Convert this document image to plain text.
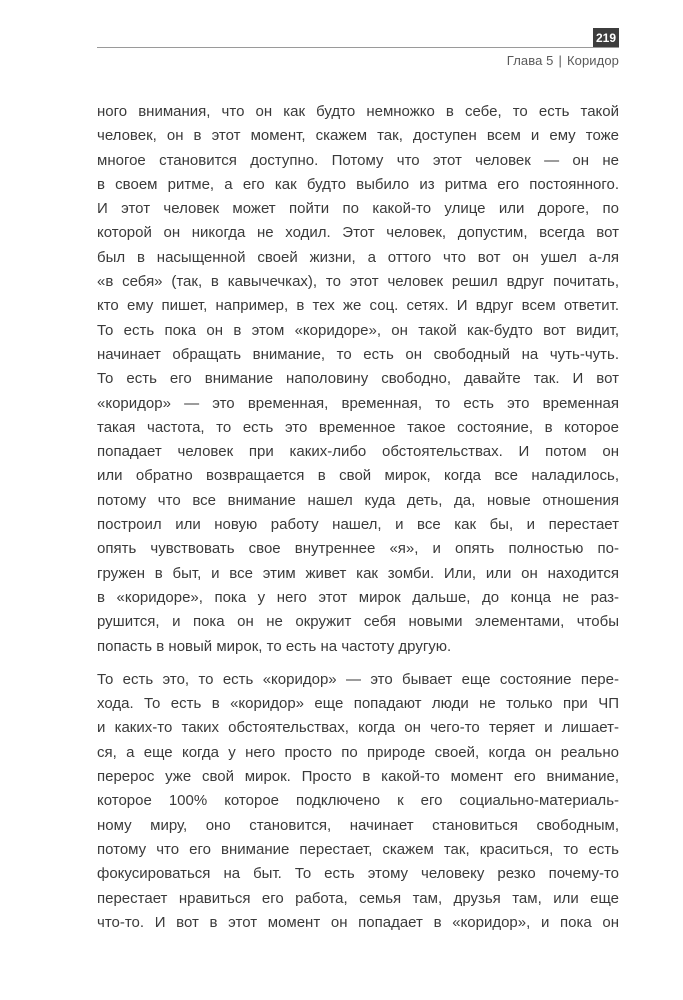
219
Глава 5 | Коридор

ного внимания, что он как будто немножко в себе, то есть такой
человек, он в этот момент, скажем так, доступен всем и ему тоже
многое становится доступно. Потому что этот человек — он не
в своем ритме, а его как будто выбило из ритма его постоянного.
И этот человек может пойти по какой-то улице или дороге, по
которой он никогда не ходил. Этот человек, допустим, всегда вот
был в насыщенной своей жизни, а оттого что вот он ушел а-ля
«в себя» (так, в кавычечках), то этот человек решил вдруг почитать,
кто ему пишет, например, в тех же соц. сетях. И вдруг всем ответит.
То есть пока он в этом «коридоре», он такой как-будто вот видит,
начинает обращать внимание, то есть он свободный на чуть-чуть.
То есть его внимание наполовину свободно, давайте так. И вот
«коридор» — это временная, временная, то есть это временная
такая частота, то есть это временное такое состояние, в которое
попадает человек при каких-либо обстоятельствах. И потом он
или обратно возвращается в свой мирок, когда все наладилось,
потому что все внимание нашел куда деть, да, новые отношения
построил или новую работу нашел, и все как бы, и перестает
опять чувствовать свое внутреннее «я», и опять полностью по-
гружен в быт, и все этим живет как зомби. Или, или он находится
в «коридоре», пока у него этот мирок дальше, до конца не раз-
рушится, и пока он не окружит себя новыми элементами, чтобы
попасть в новый мирок, то есть на частоту другую.

То есть это, то есть «коридор» — это бывает еще состояние пере-
хода. То есть в «коридор» еще попадают люди не только при ЧП
и каких-то таких обстоятельствах, когда он чего-то теряет и лишает-
ся, а еще когда у него просто по природе своей, когда он реально
перерос уже свой мирок. Просто в какой-то момент его внимание,
которое 100% которое подключено к его социально-материаль-
ному миру, оно становится, начинает становиться свободным,
потому что его внимание перестает, скажем так, краситься, то есть
фокусироваться на быт. То есть этому человеку резко почему-то
перестает нравиться его работа, семья там, друзья там, или еще
что-то. И вот в этот момент он попадает в «коридор», и пока он
